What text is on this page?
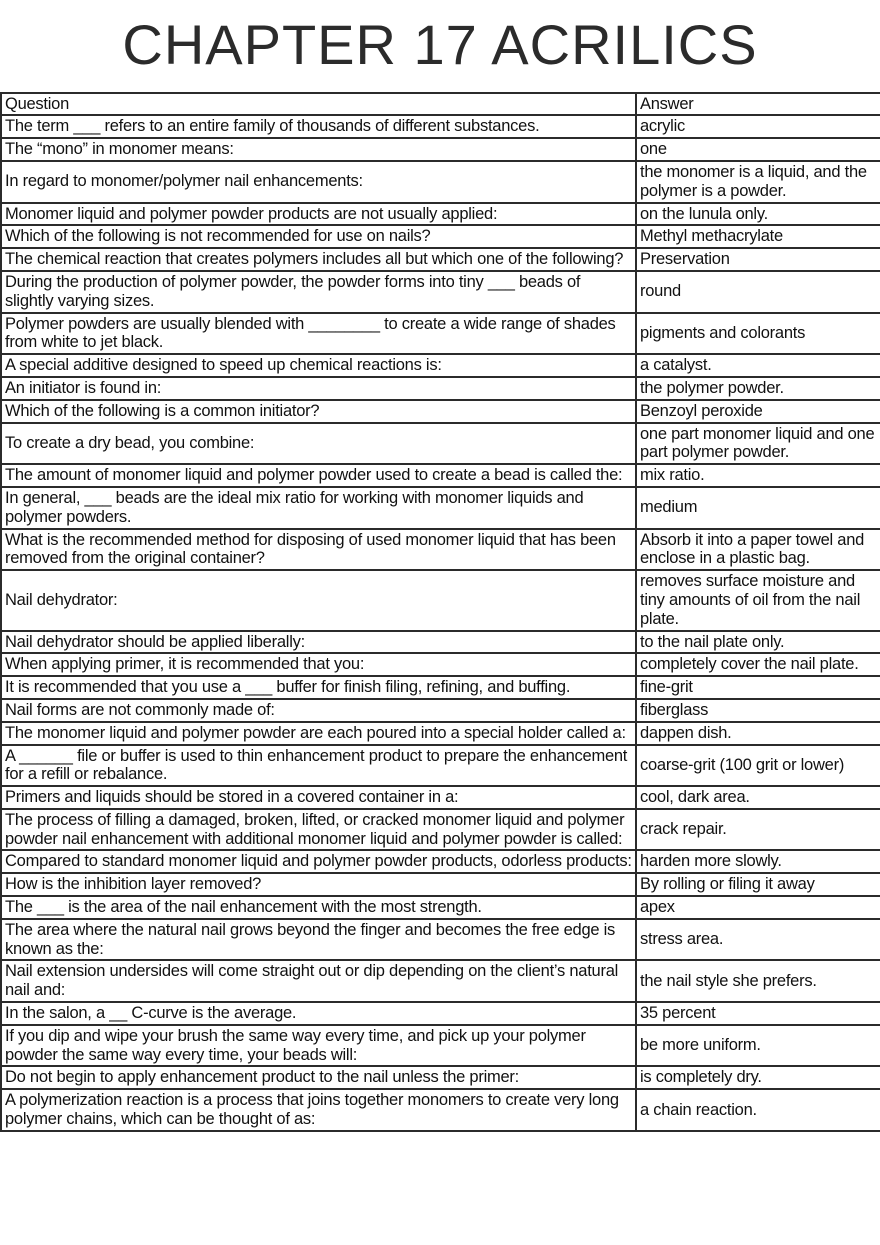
CHAPTER 17 ACRILICS
Question	Answer
The term ___ refers to an entire family of thousands of different substances.	acrylic
The “mono” in monomer means:	one
In regard to monomer/polymer nail enhancements:	the monomer is a liquid, and the polymer is a powder.
Monomer liquid and polymer powder products are not usually applied:	on the lunula only.
Which of the following is not recommended for use on nails?	Methyl methacrylate
The chemical reaction that creates polymers includes all but which one of the following?	Preservation
During the production of polymer powder, the powder forms into tiny ___ beads of slightly varying sizes.	round
Polymer powders are usually blended with ________ to create a wide range of shades from white to jet black.	pigments and colorants
A special additive designed to speed up chemical reactions is:	a catalyst.
An initiator is found in:	the polymer powder.
Which of the following is a common initiator?	Benzoyl peroxide
To create a dry bead, you combine:	one part monomer liquid and one part polymer powder.
The amount of monomer liquid and polymer powder used to create a bead is called the:	mix ratio.
In general, ___ beads are the ideal mix ratio for working with monomer liquids and polymer powders.	medium
What is the recommended method for disposing of used monomer liquid that has been removed from the original container?	Absorb it into a paper towel and enclose in a plastic bag.
Nail dehydrator:	removes surface moisture and tiny amounts of oil from the nail plate.
Nail dehydrator should be applied liberally:	to the nail plate only.
When applying primer, it is recommended that you:	completely cover the nail plate.
It is recommended that you use a ___ buffer for finish filing, refining, and buffing.	fine-grit
Nail forms are not commonly made of:	fiberglass
The monomer liquid and polymer powder are each poured into a special holder called a:	dappen dish.
A ______ file or buffer is used to thin enhancement product to prepare the enhancement for a refill or rebalance.	coarse-grit (100 grit or lower)
Primers and liquids should be stored in a covered container in a:	cool, dark area.
The process of filling a damaged, broken, lifted, or cracked monomer liquid and polymer powder nail enhancement with additional monomer liquid and polymer powder is called:	crack repair.
Compared to standard monomer liquid and polymer powder products, odorless products:	harden more slowly.
How is the inhibition layer removed?	By rolling or filing it away
The ___ is the area of the nail enhancement with the most strength.	apex
The area where the natural nail grows beyond the finger and becomes the free edge is known as the:	stress area.
Nail extension undersides will come straight out or dip depending on the client’s natural nail and:	the nail style she prefers.
In the salon, a __ C-curve is the average.	35 percent
If you dip and wipe your brush the same way every time, and pick up your polymer powder the same way every time, your beads will:	be more uniform.
Do not begin to apply enhancement product to the nail unless the primer:	is completely dry.
A polymerization reaction is a process that joins together monomers to create very long polymer chains, which can be thought of as:	a chain reaction.
